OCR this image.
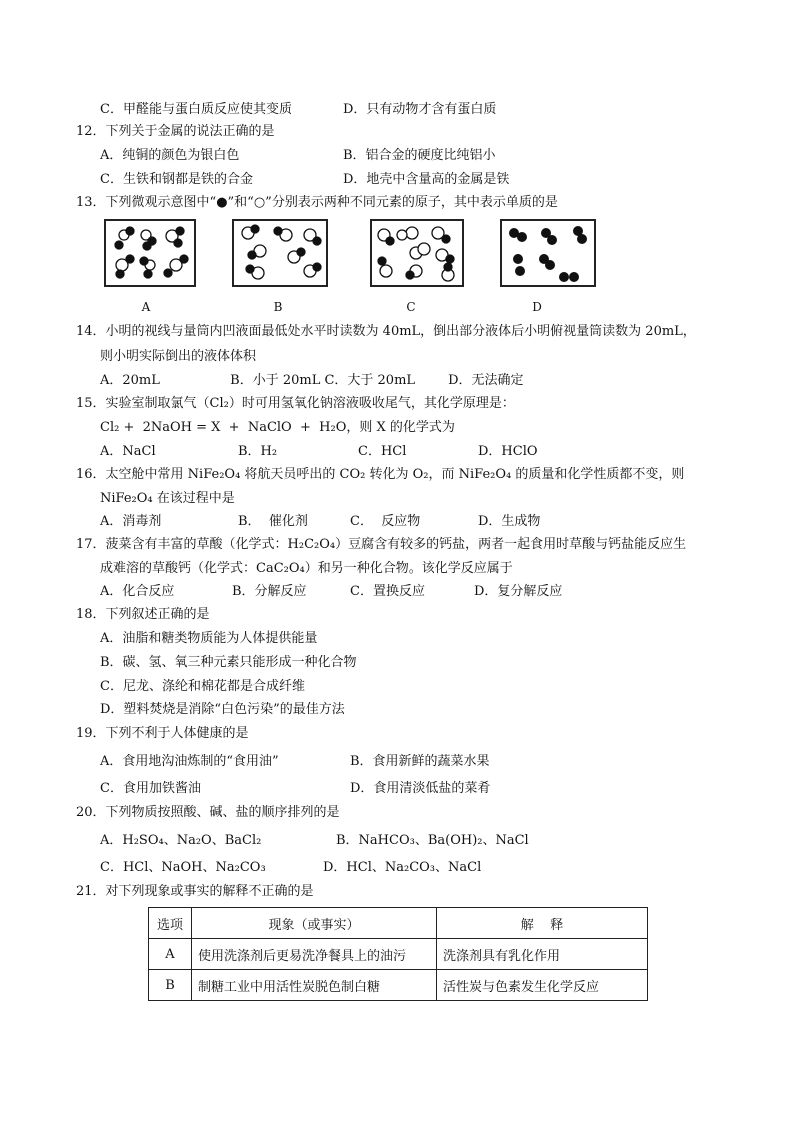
C．甲醛能与蛋白质反应使其变质	D．只有动物才含有蛋白质
12．下列关于金属的说法正确的是
A．纯铜的颜色为银白色	B．铝合金的硬度比纯铝小
C．生铁和钢都是铁的合金	D．地壳中含量高的金属是铁
13．下列微观示意图中“●”和“○”分别表示两种不同元素的原子，其中表示单质的是
A	B	C	D
14．小明的视线与量筒内凹液面最低处水平时读数为 40mL，倒出部分液体后小明俯视量筒读数为 20mL，
则小明实际倒出的液体体积
A．20mL                 B．小于 20mL C．大于 20mL        D．无法确定
15．实验室制取氯气（Cl₂）时可用氢氧化钠溶液吸收尾气，其化学原理是：
Cl₂ +  2NaOH = X  +  NaClO  +  H₂O，则 X 的化学式为
A．NaCl	B．H₂	C．HCl	D．HClO
16．太空舱中常用 NiFe₂O₄ 将航天员呼出的 CO₂ 转化为 O₂，而 NiFe₂O₄ 的质量和化学性质都不变，则
NiFe₂O₄ 在该过程中是
A．消毒剂	B．  催化剂	C．  反应物	D．生成物
17．菠菜含有丰富的草酸（化学式：H₂C₂O₄）豆腐含有较多的钙盐，两者一起食用时草酸与钙盐能反应生
成难溶的草酸钙（化学式：CaC₂O₄）和另一种化合物。该化学反应属于
A．化合反应	B．分解反应	C．置换反应	D．复分解反应
18．下列叙述正确的是
A．油脂和糖类物质能为人体提供能量
B．碳、氢、氧三种元素只能形成一种化合物
C．尼龙、涤纶和棉花都是合成纤维
D．塑料焚烧是消除“白色污染”的最佳方法
19．下列不利于人体健康的是
A．食用地沟油炼制的“食用油”	B．食用新鲜的蔬菜水果
C．食用加铁酱油	D．食用清淡低盐的菜肴
20．下列物质按照酸、碱、盐的顺序排列的是
A．H₂SO₄、Na₂O、BaCl₂	B．NaHCO₃、Ba(OH)₂、NaCl
C．HCl、NaOH、Na₂CO₃	D．HCl、Na₂CO₃、NaCl
21．对下列现象或事实的解释不正确的是
选项	现象（或事实）	解    释
A	使用洗涤剂后更易洗净餐具上的油污	洗涤剂具有乳化作用
B	制糖工业中用活性炭脱色制白糖	活性炭与色素发生化学反应
